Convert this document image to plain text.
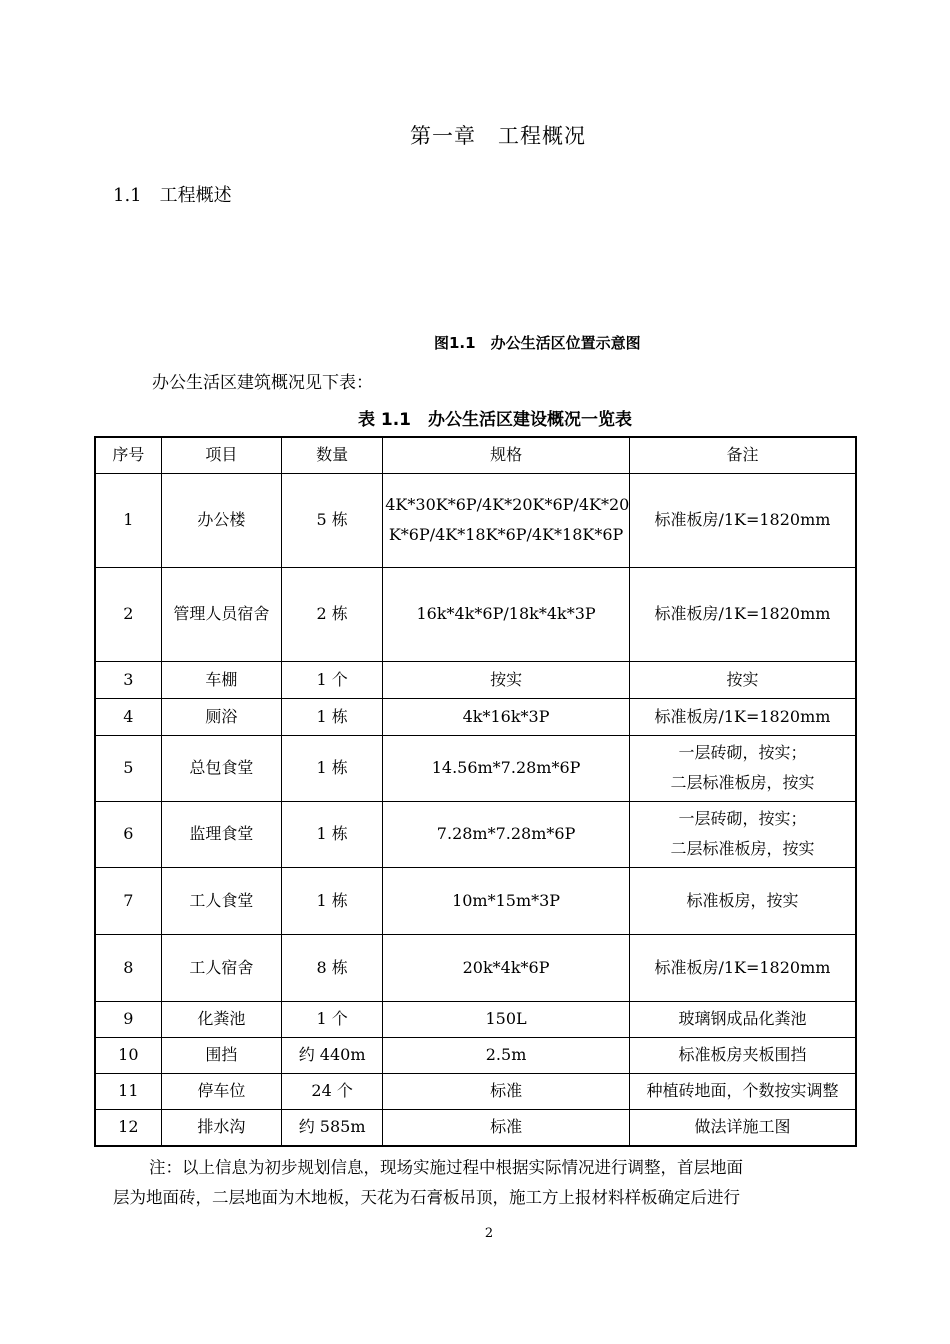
第一章　工程概况
1.1　工程概述
图1.1　办公生活区位置示意图
办公生活区建筑概况见下表：
表 1.1　办公生活区建设概况一览表
序号	项目	数量	规格	备注
1	办公楼	5 栋	4K*30K*6P/4K*20K*6P/4K*20
K*6P/4K*18K*6P/4K*18K*6P	标准板房/1K=1820mm

2	管理人员宿舍	2 栋	16k*4k*6P/18k*4k*3P	标准板房/1K=1820mm

3	车棚	1 个	按实	按实

4	厕浴	1 栋	4k*16k*3P	标准板房/1K=1820mm

5	总包食堂	1 栋	14.56m*7.28m*6P	一层砖砌，按实；
二层标准板房，按实

6	监理食堂	1 栋	7.28m*7.28m*6P	一层砖砌，按实；
二层标准板房，按实

7	工人食堂	1 栋	10m*15m*3P	标准板房，按实

8	工人宿舍	8 栋	20k*4k*6P	标准板房/1K=1820mm

9	化粪池	1 个	150L	玻璃钢成品化粪池

10	围挡	约 440m	2.5m	标准板房夹板围挡

11	停车位	24 个	标准	种植砖地面，个数按实调整

12	排水沟	约 585m	标准	做法详施工图
注：以上信息为初步规划信息，现场实施过程中根据实际情况进行调整，首层地面
层为地面砖，二层地面为木地板，天花为石膏板吊顶，施工方上报材料样板确定后进行
2
